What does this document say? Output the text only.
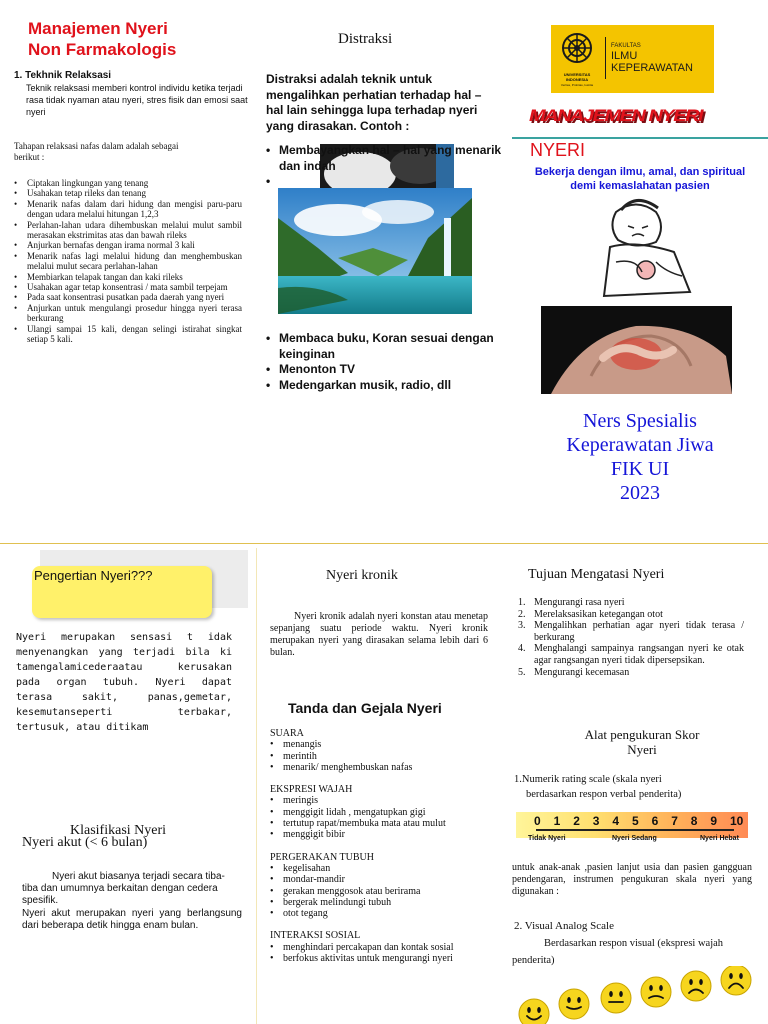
Manajemen Nyeri
Non Farmakologis
1. Tekhnik Relaksasi
Teknik relaksasi memberi kontrol individu ketika terjadi rasa tidak nyaman atau nyeri, stres fisik dan emosi saat nyeri
Tahapan relaksasi nafas dalam adalah sebagai berikut :
• Ciptakan lingkungan yang tenang
• Usahakan tetap rileks dan tenang
• Menarik nafas dalam dari hidung dan mengisi paru-paru dengan udara melalui hitungan 1,2,3
• Perlahan-lahan udara dihembuskan melalui mulut sambil merasakan ekstrimitas atas dan bawah rileks
• Anjurkan bernafas dengan irama normal 3 kali
• Menarik nafas lagi melalui hidung dan menghembuskan melalui mulut secara perlahan-lahan
• Membiarkan telapak tangan dan kaki rileks
• Usahakan agar tetap konsentrasi / mata sambil terpejam
• Pada saat konsentrasi pusatkan pada daerah yang nyeri
• Anjurkan untuk mengulangi prosedur hingga nyeri terasa berkurang
• Ulangi sampai 15 kali, dengan selingi istirahat singkat setiap 5 kali.
Distraksi
Distraksi adalah teknik untuk mengalihkan perhatian terhadap hal – hal lain sehingga lupa terhadap nyeri yang dirasakan. Contoh :
• Membayangkan hal – hal yang menarik dan indah
•
• Membaca buku, Koran sesuai dengan keinginan
• Menonton TV
• Medengarkan musik, radio, dll
UNIVERSITAS INDONESIA
Veritas, Probitas, Iustitia
FAKULTAS
ILMU
KEPERAWATAN
MANAJEMEN NYERI
NYERI
Bekerja dengan ilmu, amal, dan spiritual demi kemaslahatan pasien
Ners Spesialis
Keperawatan Jiwa
FIK UI
2023
Pengertian Nyeri???
Nyeri merupakan sensasi t idak menyenangkan yang terjadi bila ki tamengalamicederaatau kerusakan pada organ tubuh. Nyeri dapat terasa sakit, panas,gemetar, kesemutanseperti terbakar, tertusuk, atau ditikam
Klasifikasi Nyeri
Nyeri akut (< 6 bulan)
Nyeri akut biasanya terjadi secara tiba- tiba dan umumnya berkaitan dengan cedera spesifik.
Nyeri akut merupakan nyeri yang berlangsung dari beberapa detik hingga enam bulan.
Nyeri kronik
Nyeri kronik adalah nyeri konstan atau menetap sepanjang suatu periode waktu. Nyeri kronik merupakan nyeri yang dirasakan selama lebih dari 6 bulan.
Tanda dan Gejala Nyeri
SUARA
• menangis
• merintih
• menarik/ menghembuskan nafas
EKSPRESI WAJAH
• meringis
• menggigit lidah , mengatupkan gigi
• tertutup rapat/membuka mata atau mulut
• menggigit bibir
PERGERAKAN TUBUH
• kegelisahan
• mondar-mandir
• gerakan menggosok atau berirama
• bergerak melindungi tubuh
• otot tegang
INTERAKSI SOSIAL
• menghindari percakapan dan kontak sosial
• berfokus aktivitas untuk mengurangi nyeri
Tujuan Mengatasi Nyeri
1. Mengurangi rasa nyeri
2. Merelaksasikan ketegangan otot
3. Mengalihkan perhatian agar nyeri tidak terasa / berkurang
4. Menghalangi sampainya rangsangan nyeri ke otak agar rangsangan nyeri tidak dipersepsikan.
5. Mengurangi kecemasan
Alat pengukuran Skor
Nyeri
1.Numerik rating scale (skala nyeri
berdasarkan respon verbal penderita)
0 1 2 3 4 5 6 7 8 9 10
Tidak Nyeri	Nyeri Sedang	Nyeri Hebat
untuk anak-anak ,pasien lanjut usia dan pasien gangguan pendengaran, instrumen pengukuran skala nyeri yang digunakan :
2. Visual Analog Scale
Berdasarkan respon visual (ekspresi wajah penderita)
